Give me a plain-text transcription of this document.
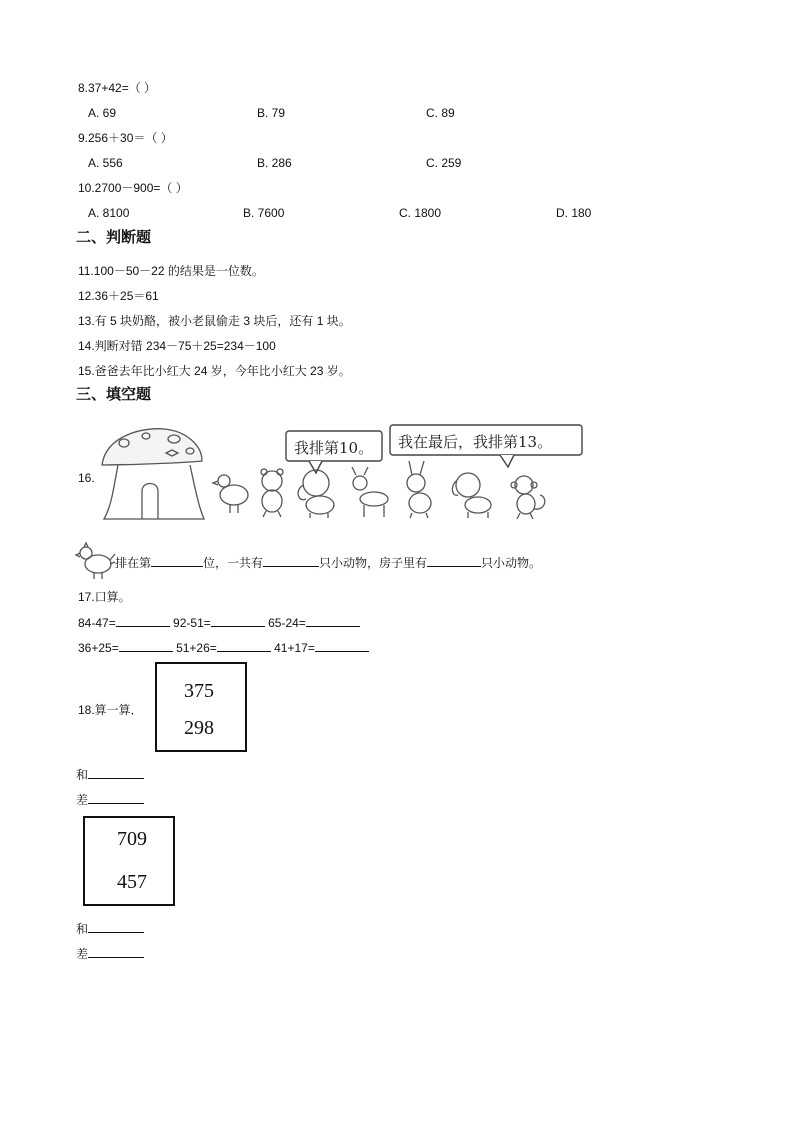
8.37+42=（ ）
A. 69	B. 79	C. 89
9.256＋30＝（ ）
A. 556	B. 286	C. 259
10.2700－900=（ ）
A. 8100	B. 7600	C. 1800	D. 180
二、判断题
11.100－50－22 的结果是一位数。
12.36＋25＝61
13.有 5 块奶酪，被小老鼠偷走 3 块后，还有 1 块。
14.判断对错 234－75＋25=234－100
15.爸爸去年比小红大 24 岁，今年比小红大 23 岁。
三、填空题
16.
我排第10。 我在最后，我排第13。
排在第	位，一共有	只小动物，房子里有	只小动物。
17.口算。
84-47=	92-51=	65-24=
36+25=	51+26=	41+17=
18.算一算．
375
298
和
差
709
457
和
差
